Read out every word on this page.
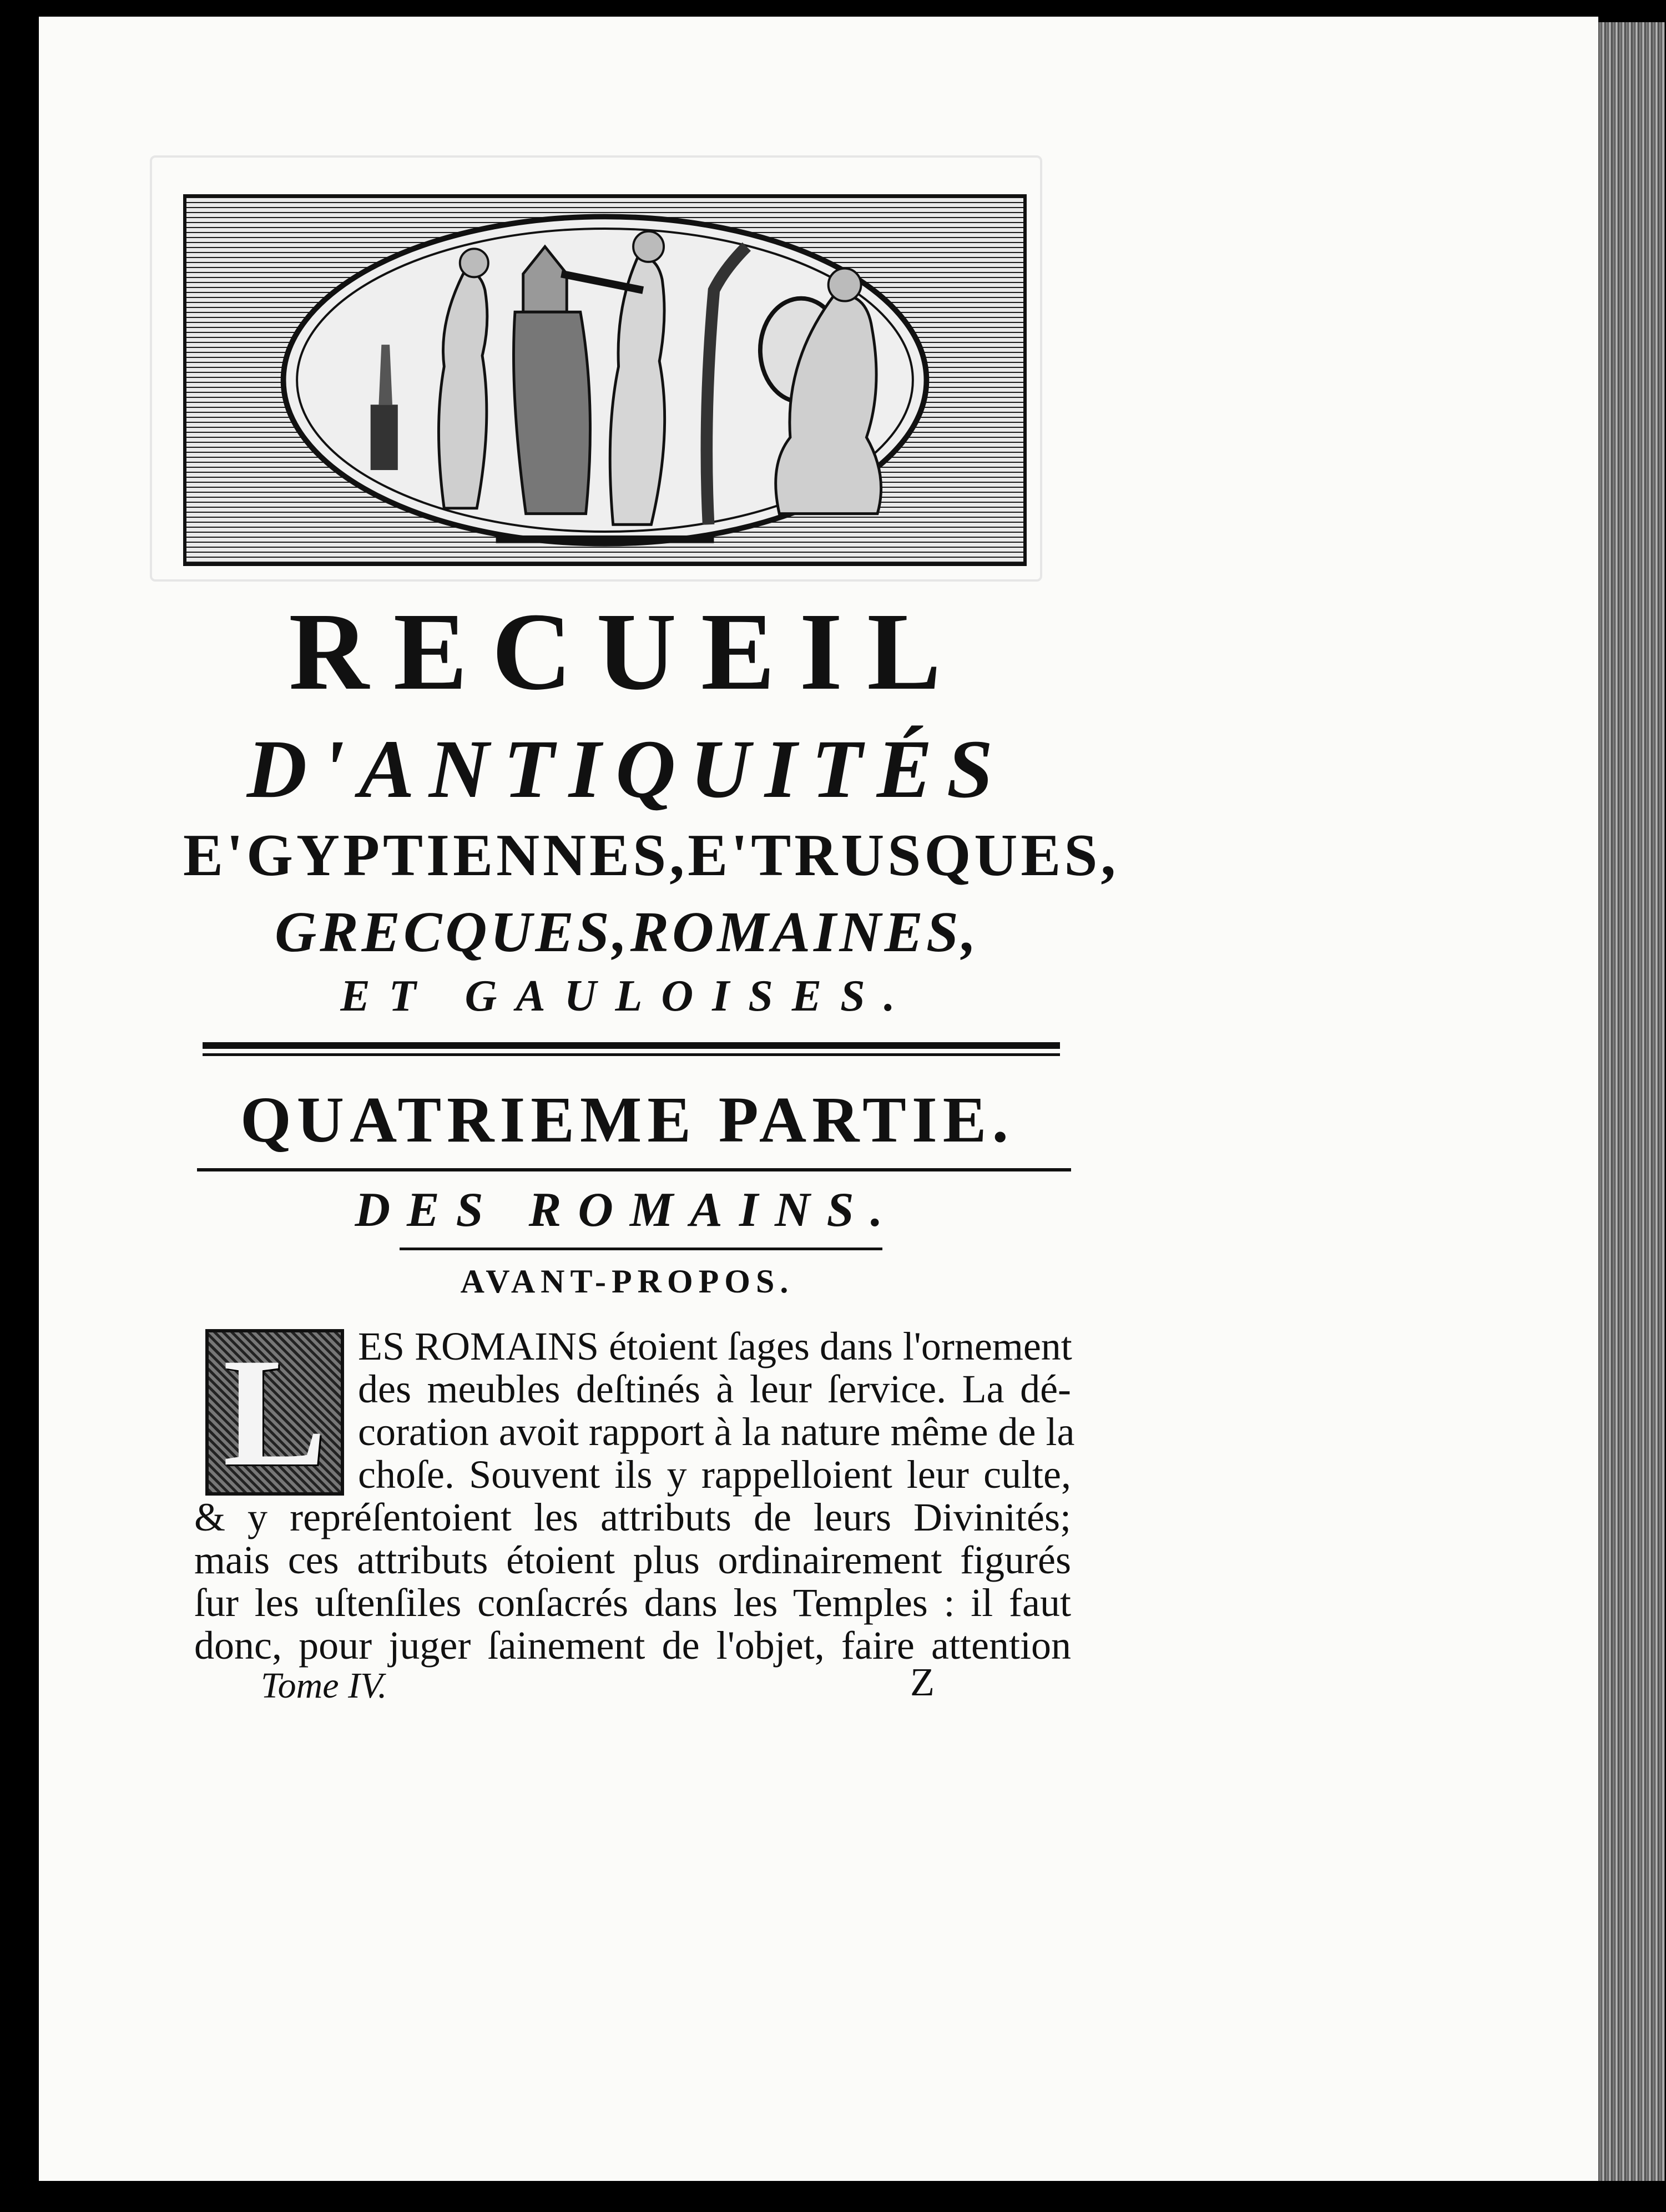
RECUEIL
D'ANTIQUITÉS
E'GYPTIENNES,E'TRUSQUES,
GRECQUES,ROMAINES,
ET GAULOISES.
QUATRIEME PARTIE.
DES ROMAINS.
AVANT-PROPOS.
L ES ROMAINS étoient ſages dans l'ornement

des meubles deſtinés à leur ſervice. La dé-

coration avoit rapport à la nature même de la

choſe. Souvent ils y rappelloient leur culte,

& y repréſentoient les attributs de leurs Divinités;

mais ces attributs étoient plus ordinairement figurés

ſur les uſtenſiles conſacrés dans les Temples : il faut

donc, pour juger ſainement de l'objet, faire attention

Tome IV.	Z
